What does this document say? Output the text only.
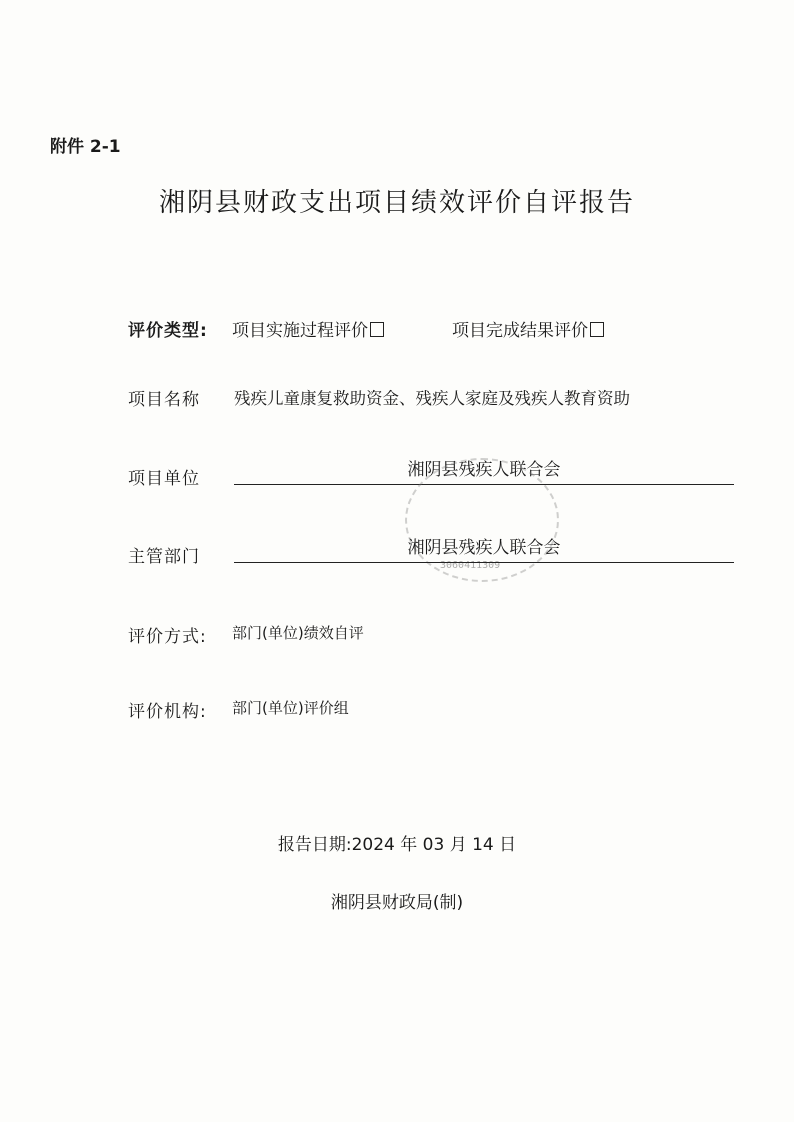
附件 2-1
湘阴县财政支出项目绩效评价自评报告
评价类型: 项目实施过程评价	项目完成结果评价
项目名称 残疾儿童康复救助资金、残疾人家庭及残疾人教育资助
项目单位	湘阴县残疾人联合会
3060411309
主管部门	湘阴县残疾人联合会
评价方式: 部门(单位)绩效自评
评价机构: 部门(单位)评价组
报告日期:2024 年 03 月 14 日
湘阴县财政局(制)
